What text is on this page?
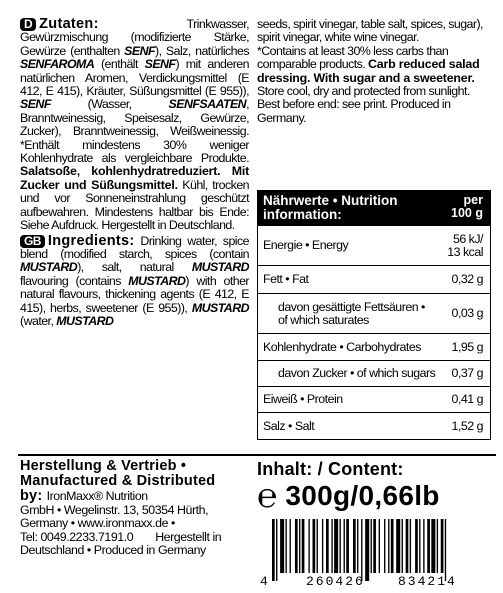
D Zutaten:	Trinkwasser, Gewürzmischung (modifizierte Stärke, Gewürze (enthalten SENF), Salz, natürliches SENFAROMA (enthält SENF) mit anderen natürlichen Aromen, Verdickungsmittel (E 412, E 415), Kräuter, Süßungsmittel (E 955)), SENF (Wasser, SENFSAATEN, Branntweinessig, Speisesalz, Gewürze, Zucker), Branntweinessig, Weißweinessig. *Enthält mindestens 30% weniger Kohlenhydrate als vergleichbare Produkte. Salatsoße, kohlenhydratreduziert. Mit Zucker und Süßungsmittel. Kühl, trocken und vor Sonneneinstrahlung geschützt aufbewahren. Mindestens haltbar bis Ende: Siehe Aufdruck. Hergestellt in Deutschland.

GB Ingredients: Drinking water, spice blend (modified starch, spices (contain MUSTARD), salt, natural MUSTARD flavouring (contains MUSTARD) with other natural flavours, thickening agents (E 412, E 415), herbs, sweetener (E 955)), MUSTARD (water, MUSTARD

seeds, spirit vinegar, table salt, spices, sugar), spirit vinegar, white wine vinegar.

*Contains at least 30% less carbs than comparable products. Carb reduced salad dressing. With sugar and a sweetener. Store cool, dry and protected from sunlight. Best before end: see print. Produced in Germany.

Nährwerte • Nutrition information:
per
100 g
Energie • Energy	56 kJ/
13 kcal
Fett • Fat	0,32 g
davon gesättigte Fettsäuren • of which saturates	0,03 g
Kohlenhydrate • Carbohydrates 1,95 g
davon Zucker • of which sugars 0,37 g
Eiweiß • Protein	0,41 g
Salz • Salt	1,52 g

Herstellung & Vertrieb • Manufactured & Distributed by: IronMaxx® Nutrition

GmbH • Wegelinstr. 13, 50354 Hürth, Germany • www.ironmaxx.de •

Tel: 0049.2233.7191.0 Hergestellt in

Deutschland • Produced in Germany

Inhalt: / Content:
℮ 300g/0,66lb
4	260426	834214
